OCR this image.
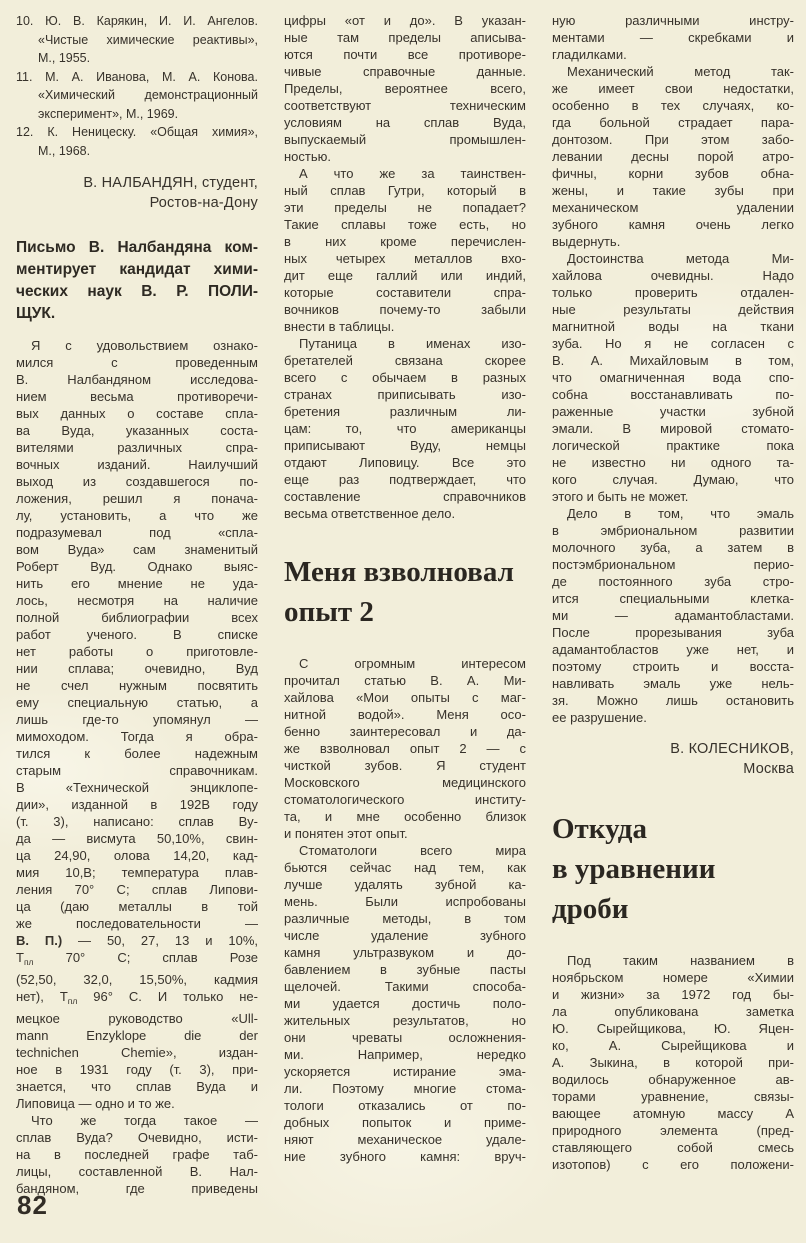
10. Ю. В. Карякин, И. И. Ангелов.
«Чистые химические реактивы»,
М., 1955.
11. М. А. Иванова, М. А. Конова.
«Химический демонстрационный
эксперимент», М., 1969.
12. К. Неницеску. «Общая химия»,
М., 1968.
В. НАЛБАНДЯН, студент,
Ростов-на-Дону
Письмо В. Налбандяна ком-
ментирует кандидат хими-
ческих наук В. Р. ПОЛИ-
ЩУК.
Я с удовольствием ознако-
мился с проведенным
В. Налбандяном исследова-
нием весьма противоречи-
вых данных о составе спла-
ва Вуда, указанных соста-
вителями различных спра-
вочных изданий. Наилучший
выход из создавшегося по-
ложения, решил я понача-
лу, установить, а что же
подразумевал под «спла-
вом Вуда» сам знаменитый
Роберт Вуд. Однако выяс-
нить его мнение не уда-
лось, несмотря на наличие
полной библиографии всех
работ ученого. В списке
нет работы о приготовле-
нии сплава; очевидно, Вуд
не счел нужным посвятить
ему специальную статью, а
лишь где-то упомянул —
мимоходом. Тогда я обра-
тился к более надежным
старым справочникам.
В «Технической энциклопе-
дии», изданной в 192В году
(т. 3), написано: сплав Ву-
да — висмута 50,10%, свин-
ца 24,90, олова 14,20, кад-
мия 10,В; температура плав-
ления 70° С; сплав Липови-
ца (даю металлы в той
же последовательности —
В. П.) — 50, 27, 13 и 10%,
$Т_{пл}$ 70° С; сплав Розе
(52,50, 32,0, 15,50%, кадмия
нет), $Т_{пл}$ 96° С. И только не-
мецкое руководство «Ull-
mann Enzyklope die der
technichen Chemie», издан-
ное в 1931 году (т. 3), при-
знается, что сплав Вуда и
Липовица — одно и то же.
Что же тогда такое —
сплав Вуда? Очевидно, исти-
на в последней графе таб-
лицы, составленной В. Нал-
бандяном, где приведены
цифры «от и до». В указан-
ные там пределы аписыва-
ются почти все противоре-
чивые справочные данные.
Пределы, вероятнее всего,
соответствуют техническим
условиям на сплав Вуда,
выпускаемый промышлен-
ностью.
А что же за таинствен-
ный сплав Гутри, который в
эти пределы не попадает?
Такие сплавы тоже есть, но
в них кроме перечислен-
ных четырех металлов вхо-
дит еще галлий или индий,
которые составители спра-
вочников почему-то забыли
внести в таблицы.
Путаница в именах изо-
бретателей связана скорее
всего с обычаем в разных
странах приписывать изо-
бретения различным ли-
цам: то, что американцы
приписывают Вуду, немцы
отдают Липовицу. Все это
еще раз подтверждает, что
составление справочников
весьма ответственное дело.
Меня взволновал
опыт 2
С огромным интересом
прочитал статью В. А. Ми-
хайлова «Мои опыты с маг-
нитной водой». Меня осо-
бенно заинтересовал и да-
же взволновал опыт 2 — с
чисткой зубов. Я студент
Московского медицинского
стоматологического институ-
та, и мне особенно близок
и понятен этот опыт.
Стоматологи всего мира
бьются сейчас над тем, как
лучше удалять зубной ка-
мень. Были испробованы
различные методы, в том
числе удаление зубного
камня ультразвуком и до-
бавлением в зубные пасты
щелочей. Такими способа-
ми удается достичь поло-
жительных результатов, но
они чреваты осложнения-
ми. Например, нередко
ускоряется истирание эма-
ли. Поэтому многие стома-
тологи отказались от по-
добных попыток и приме-
няют механическое удале-
ние зубного камня: вруч-
ную различными инстру-
ментами — скребками и
гладилками.
Механический метод так-
же имеет свои недостатки,
особенно в тех случаях, ко-
гда больной страдает пара-
донтозом. При этом забо-
левании десны порой атро-
фичны, корни зубов обна-
жены, и такие зубы при
механическом удалении
зубного камня очень легко
выдернуть.
Достоинства метода Ми-
хайлова очевидны. Надо
только проверить отдален-
ные результаты действия
магнитной воды на ткани
зуба. Но я не согласен с
В. А. Михайловым в том,
что омагниченная вода спо-
собна восстанавливать по-
раженные участки зубной
эмали. В мировой стомато-
логической практике пока
не известно ни одного та-
кого случая. Думаю, что
этого и быть не может.
Дело в том, что эмаль
в эмбриональном развитии
молочного зуба, а затем в
постэмбриональном перио-
де постоянного зуба стро-
ится специальными клетка-
ми — адамантобластами.
После прорезывания зуба
адамантобластов уже нет, и
поэтому строить и восста-
навливать эмаль уже нель-
зя. Можно лишь остановить
ее разрушение.
В. КОЛЕСНИКОВ,
Москва
Откуда
в уравнении
дроби
Под таким названием в
ноябрьском номере «Химии
и жизни» за 1972 год бы-
ла опубликована заметка
Ю. Сырейщикова, Ю. Яцен-
ко, А. Сырейщикова и
А. Зыкина, в которой при-
водилось обнаруженное ав-
торами уравнение, связы-
вающее атомную массу А
природного элемента (пред-
ставляющего собой смесь
изотопов) с его положени-
82
